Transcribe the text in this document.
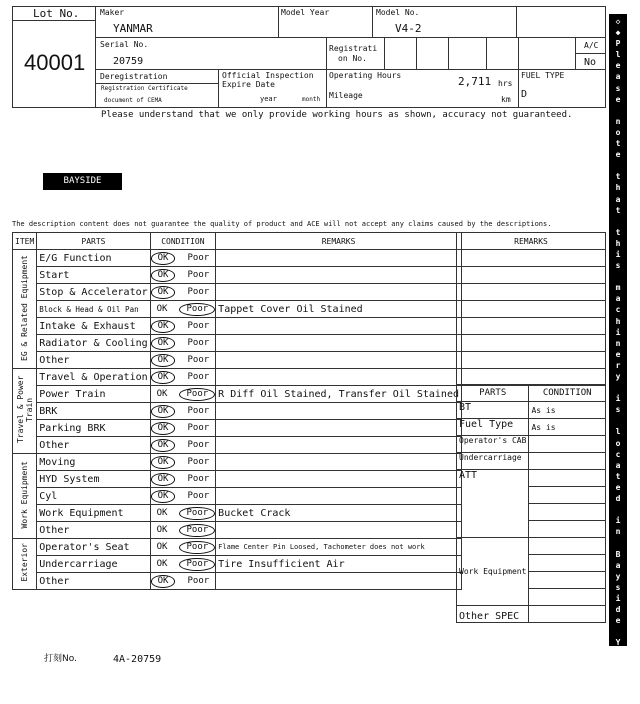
Lot No.
40001
Maker
YANMAR
Model Year	Model No.
V4-2
Serial No.
20759
Registrati
on No.
A/C
No
Deregistration
Registration Certificate
document of CEMA
Official Inspection
Expire Date
year	month
Operating Hours	2,711 hrs
Mileage	km
FUEL TYPE
D
Please understand that we only provide working hours as shown, accuracy not guaranteed.
BAYSIDE
The description content does not guarantee the quality of product and ACE will not accept any claims caused by the descriptions.
ITEM	PARTS	CONDITION	REMARKS
EG & Related Equipment	E/G Function	OK Poor	
	Start	OK Poor	
	Stop & Accelerator	OK Poor	
	Block & Head & Oil Pan	OK Poor	Tappet Cover Oil Stained
	Intake & Exhaust	OK Poor	
	Radiator & Cooling	OK Poor	
	Other	OK Poor	
Travel & Power Train	Travel & Operation	OK Poor	
	Power Train	OK Poor	R Diff Oil Stained, Transfer Oil Stained
	BRK	OK Poor	
	Parking BRK	OK Poor	
	Other	OK Poor	
Work Equipment	Moving	OK Poor	
	HYD System	OK Poor	
	Cyl	OK Poor	
	Work Equipment	OK Poor	Bucket Crack
	Other	OK Poor	
Exterior	Operator's Seat	OK Poor	Flame Center Pin Loosed, Tachometer does not work
	Undercarriage	OK Poor	Tire Insufficient Air
	Other	OK Poor	
REMARKS

PARTS	CONDITION
BT	As is
Fuel Type	As is
Operator's CAB	
Undercarriage	
ATT	

Work Equipment	

Other SPEC	
打刻No.	4A-20759
◇
◆
P
l
e
a
s
e

n
o
t
e

t
h
a
t

t
h
i
s

m
a
c
h
i
n
e
r
y

i
s

l
o
c
a
t
e
d

i
n

B
a
y
s
i
d
e

Y
a
r
d
◆
◇
